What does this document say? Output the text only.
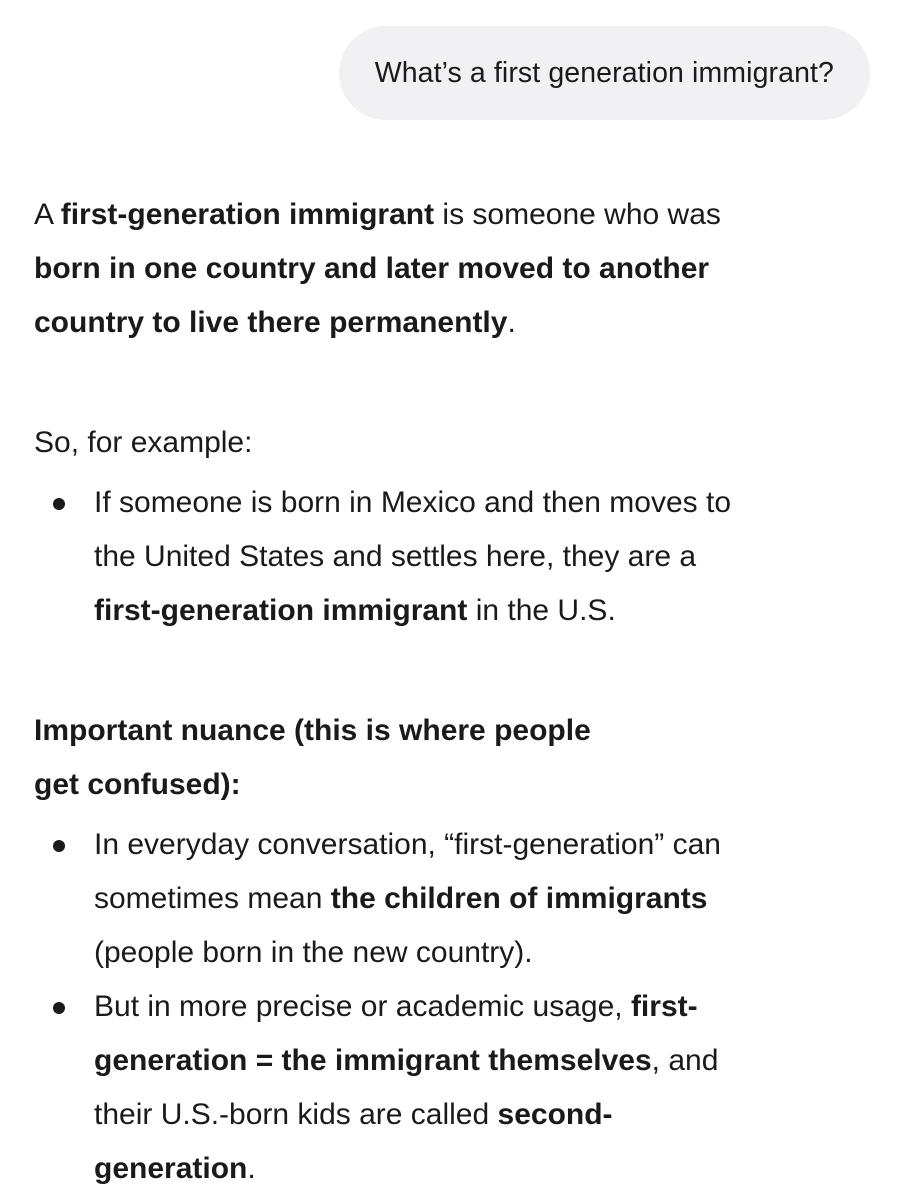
What’s a first generation immigrant?

A first-generation immigrant is someone who was
born in one country and later moved to another
country to live there permanently.

So, for example:

If someone is born in Mexico and then moves to
the United States and settles here, they are a
first-generation immigrant in the U.S.

Important nuance (this is where people
get confused):

In everyday conversation, “first-generation” can
sometimes mean the children of immigrants
(people born in the new country).
But in more precise or academic usage, first-
generation = the immigrant themselves, and
their U.S.-born kids are called second-
generation.
